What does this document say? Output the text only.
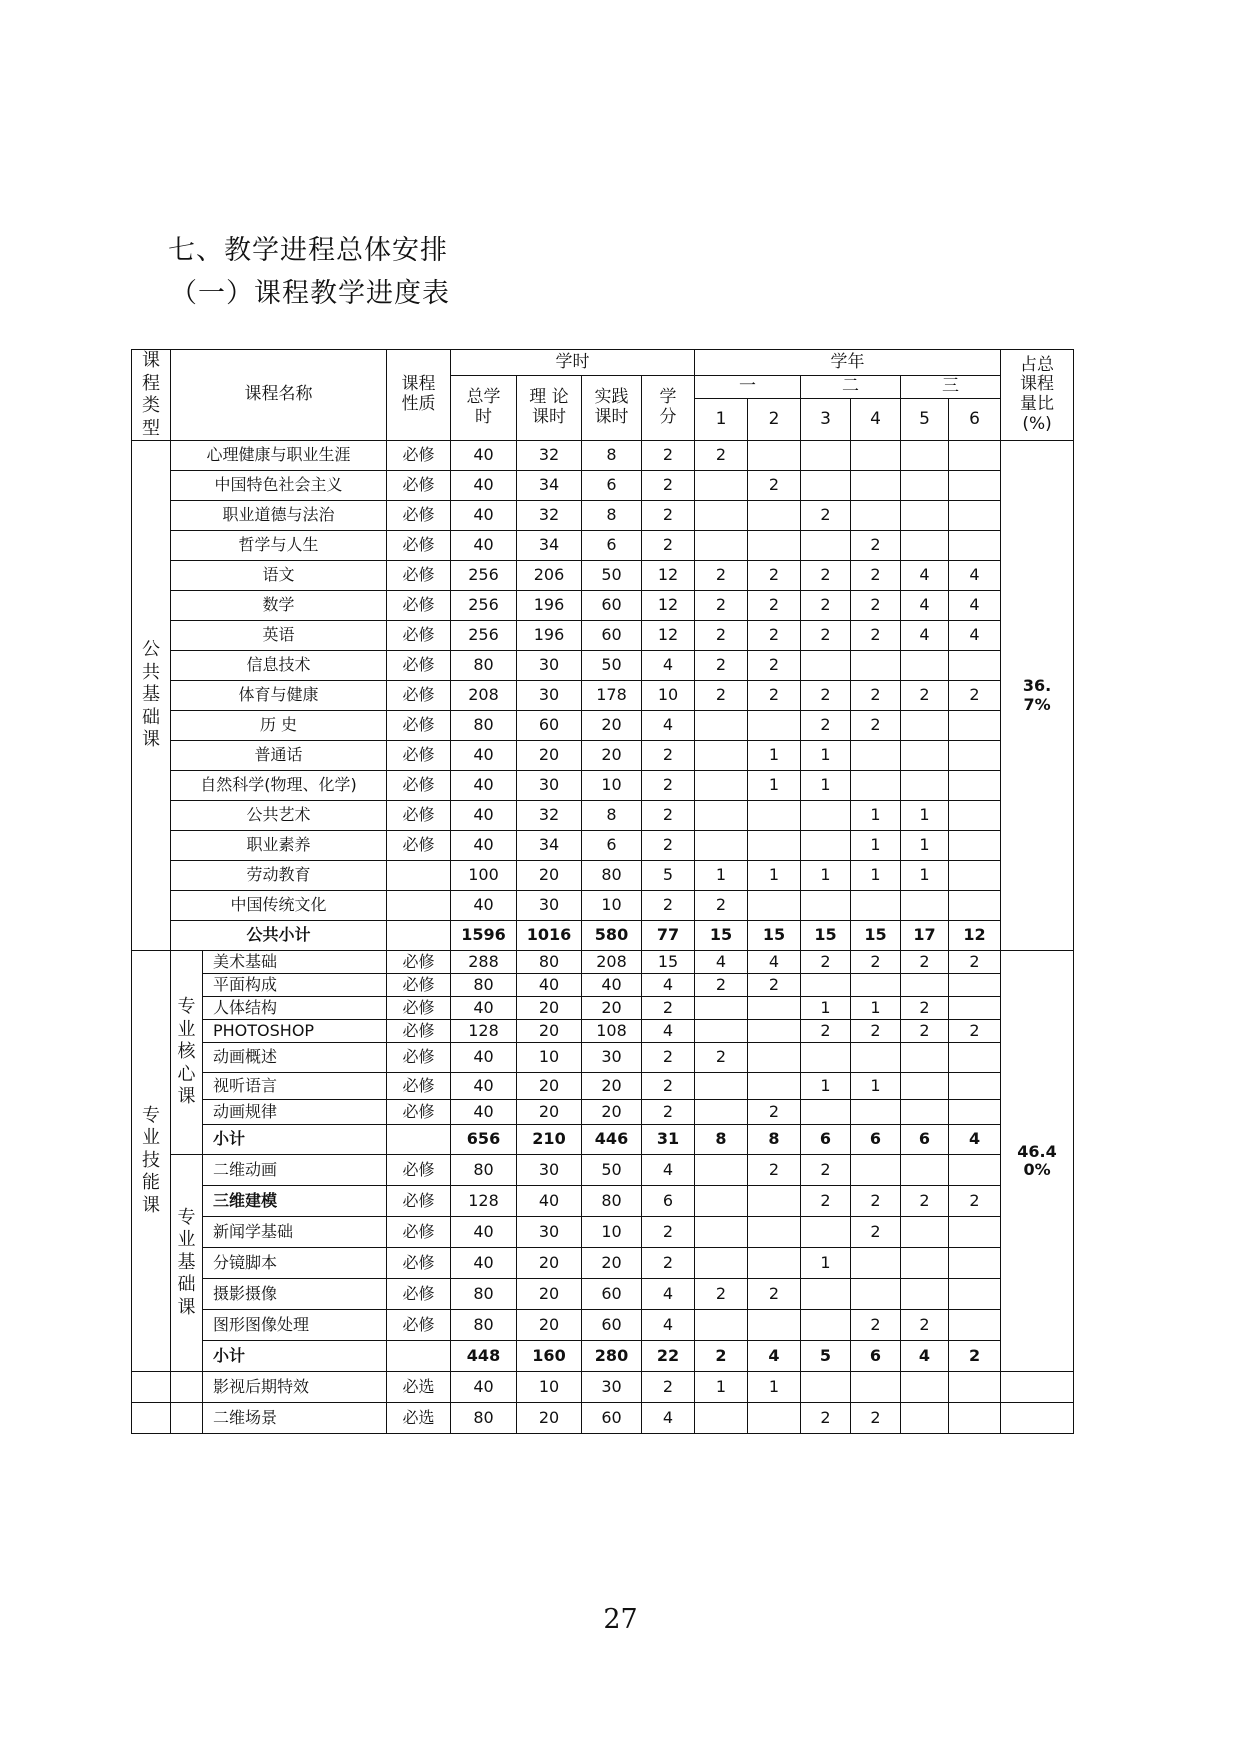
七、教学进程总体安排
（一）课程教学进度表
课程类型	课程名称		课程性质	学时				学年						占总课程量比(%)

				总学时	理 论课时	实践课时	学分	一		二		三		
								1	2	3	4	5	6	

公共基础课	心理健康与职业生涯		必修	40	32	8	2	2						36.7%

	中国特色社会主义		必修	40	34	6	2		2					
	职业道德与法治		必修	40	32	8	2			2				
	哲学与人生		必修	40	34	6	2				2			
	语文		必修	256	206	50	12	2	2	2	2	4	4	
	数学		必修	256	196	60	12	2	2	2	2	4	4	
	英语		必修	256	196	60	12	2	2	2	2	4	4	
	信息技术		必修	80	30	50	4	2	2					
	体育与健康		必修	208	30	178	10	2	2	2	2	2	2	
	历 史		必修	80	60	20	4			2	2			
	普通话		必修	40	20	20	2		1	1				
	自然科学(物理、化学)		必修	40	30	10	2		1	1				
	公共艺术		必修	40	32	8	2				1	1		
	职业素养		必修	40	34	6	2				1	1		
	劳动教育			100	20	80	5	1	1	1	1	1		
	中国传统文化			40	30	10	2	2						
	公共小计			1596	1016	580	77	15	15	15	15	17	12	

专业技能课	专业核心课	美术基础	必修	288	80	208	15	4	4	2	2	2	2	46.40%

		平面构成	必修	80	40	40	4	2	2					
		人体结构	必修	40	20	20	2			1	1	2		
		PHOTOSHOP	必修	128	20	108	4			2	2	2	2	
		动画概述	必修	40	10	30	2	2						
		视听语言	必修	40	20	20	2			1	1			
		动画规律	必修	40	20	20	2		2					
		小计		656	210	446	31	8	8	6	6	6	4	

	专业基础课	二维动画	必修	80	30	50	4		2	2				
		三维建模	必修	128	40	80	6			2	2	2	2	
		新闻学基础	必修	40	30	10	2				2			
		分镜脚本	必修	40	20	20	2			1				
		摄影摄像	必修	80	20	60	4	2	2					
		图形图像处理	必修	80	20	60	4				2	2		
		小计		448	160	280	22	2	4	5	6	4	2	
		影视后期特效	必选	40	10	30	2	1	1					
		二维场景	必选	80	20	60	4			2	2			
27
